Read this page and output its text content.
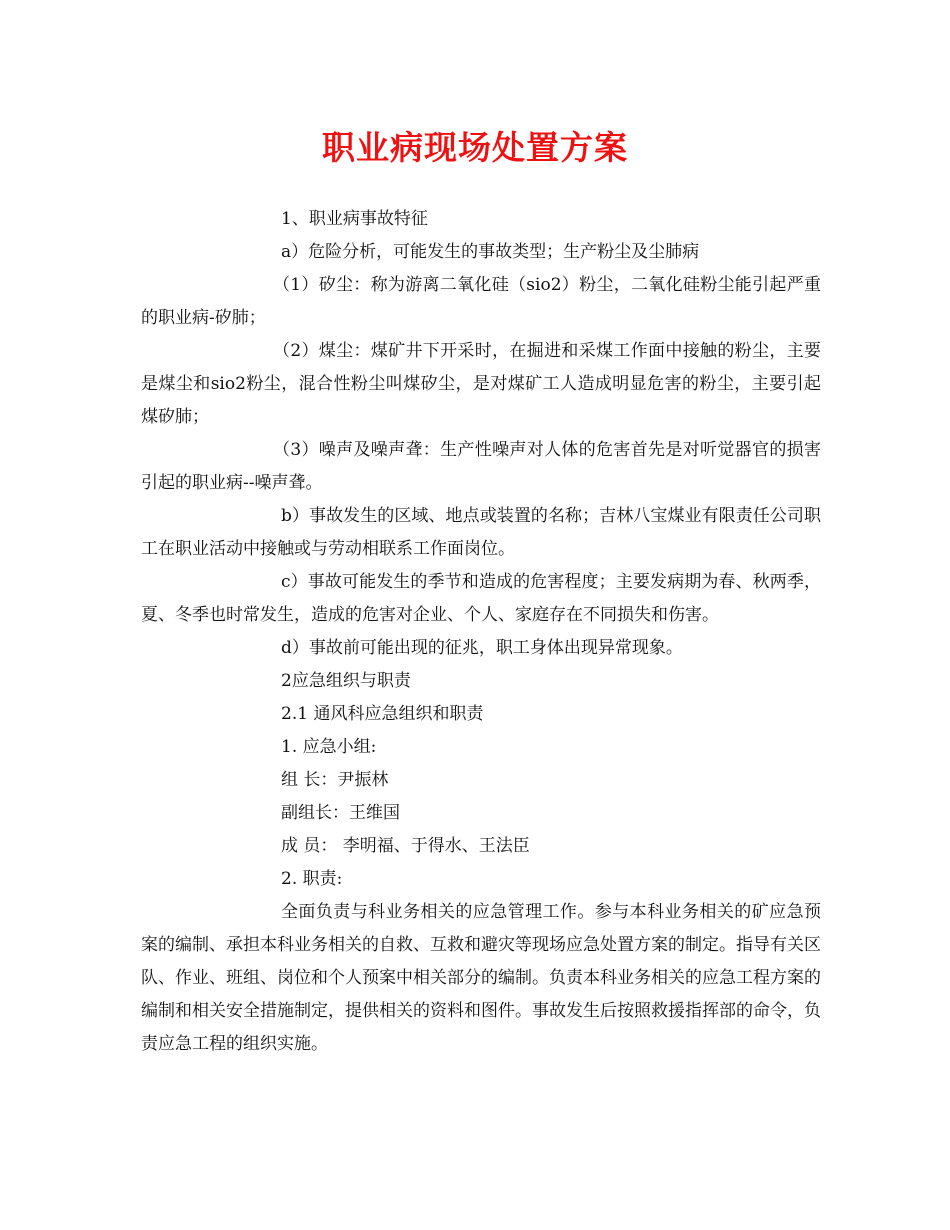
职业病现场处置方案

1、职业病事故特征

a）危险分析，可能发生的事故类型；生产粉尘及尘肺病

（1）矽尘：称为游离二氧化硅（sio2）粉尘，二氧化硅粉尘能引起严重的职业病-矽肺；

（2）煤尘：煤矿井下开采时，在掘进和采煤工作面中接触的粉尘，主要是煤尘和sio2粉尘，混合性粉尘叫煤矽尘，是对煤矿工人造成明显危害的粉尘，主要引起煤矽肺；

（3）噪声及噪声聋：生产性噪声对人体的危害首先是对听觉器官的损害引起的职业病--噪声聋。

b）事故发生的区域、地点或装置的名称；吉林八宝煤业有限责任公司职工在职业活动中接触或与劳动相联系工作面岗位。

c）事故可能发生的季节和造成的危害程度；主要发病期为春、秋两季，夏、冬季也时常发生，造成的危害对企业、个人、家庭存在不同损失和伤害。

d）事故前可能出现的征兆，职工身体出现异常现象。

2应急组织与职责

2.1 通风科应急组织和职责

1. 应急小组:

组 长：尹振林

副组长：王维国

成 员： 李明福、于得水、王法臣

2. 职责:

全面负责与科业务相关的应急管理工作。参与本科业务相关的矿应急预案的编制、承担本科业务相关的自救、互救和避灾等现场应急处置方案的制定。指导有关区队、作业、班组、岗位和个人预案中相关部分的编制。负责本科业务相关的应急工程方案的编制和相关安全措施制定，提供相关的资料和图件。事故发生后按照救援指挥部的命令，负责应急工程的组织实施。
